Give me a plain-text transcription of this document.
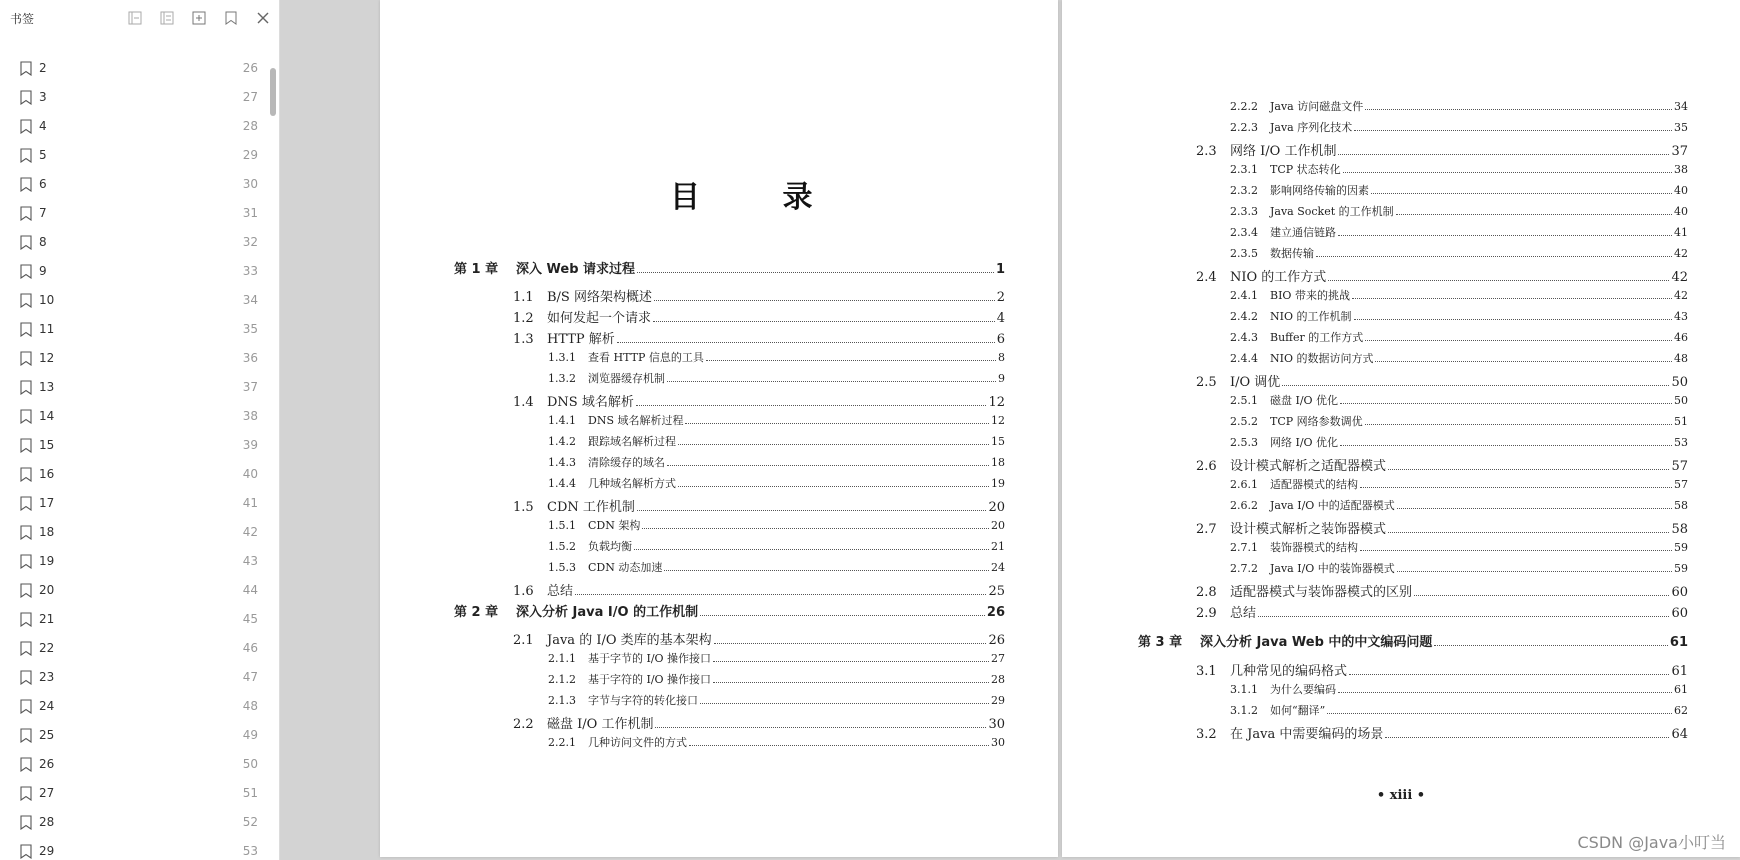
书签
2	26
3	27
4	28
5	29
6	30
7	31
8	32
9	33
10	34
11	35
12	36
13	37
14	38
15	39
16	40
17	41
18	42
19	43
20	44
21	45
22	46
23	47
24	48
25	49
26	50
27	51
28	52
29	53
目 录
第 1 章	深入 Web 请求过程	1
1.1	B/S 网络架构概述	2
1.2	如何发起一个请求	4
1.3	HTTP 解析	6
1.3.1	查看 HTTP 信息的工具	8
1.3.2	浏览器缓存机制	9
1.4	DNS 域名解析	12
1.4.1	DNS 域名解析过程	12
1.4.2	跟踪域名解析过程	15
1.4.3	清除缓存的域名	18
1.4.4	几种域名解析方式	19
1.5	CDN 工作机制	20
1.5.1	CDN 架构	20
1.5.2	负载均衡	21
1.5.3	CDN 动态加速	24
1.6	总结	25
第 2 章	深入分析 Java I/O 的工作机制	26
2.1	Java 的 I/O 类库的基本架构	26
2.1.1	基于字节的 I/O 操作接口	27
2.1.2	基于字符的 I/O 操作接口	28
2.1.3	字节与字符的转化接口	29
2.2	磁盘 I/O 工作机制	30
2.2.1	几种访问文件的方式	30
2.2.2	Java 访问磁盘文件	34
2.2.3	Java 序列化技术	35
2.3	网络 I/O 工作机制	37
2.3.1	TCP 状态转化	38
2.3.2	影响网络传输的因素	40
2.3.3	Java Socket 的工作机制	40
2.3.4	建立通信链路	41
2.3.5	数据传输	42
2.4	NIO 的工作方式	42
2.4.1	BIO 带来的挑战	42
2.4.2	NIO 的工作机制	43
2.4.3	Buffer 的工作方式	46
2.4.4	NIO 的数据访问方式	48
2.5	I/O 调优	50
2.5.1	磁盘 I/O 优化	50
2.5.2	TCP 网络参数调优	51
2.5.3	网络 I/O 优化	53
2.6	设计模式解析之适配器模式	57
2.6.1	适配器模式的结构	57
2.6.2	Java I/O 中的适配器模式	58
2.7	设计模式解析之装饰器模式	58
2.7.1	装饰器模式的结构	59
2.7.2	Java I/O 中的装饰器模式	59
2.8	适配器模式与装饰器模式的区别	60
2.9	总结	60
第 3 章	深入分析 Java Web 中的中文编码问题	61
3.1	几种常见的编码格式	61
3.1.1	为什么要编码	61
3.1.2	如何“翻译”	62
3.2	在 Java 中需要编码的场景	64
• xiii •
CSDN @Java小叮当
